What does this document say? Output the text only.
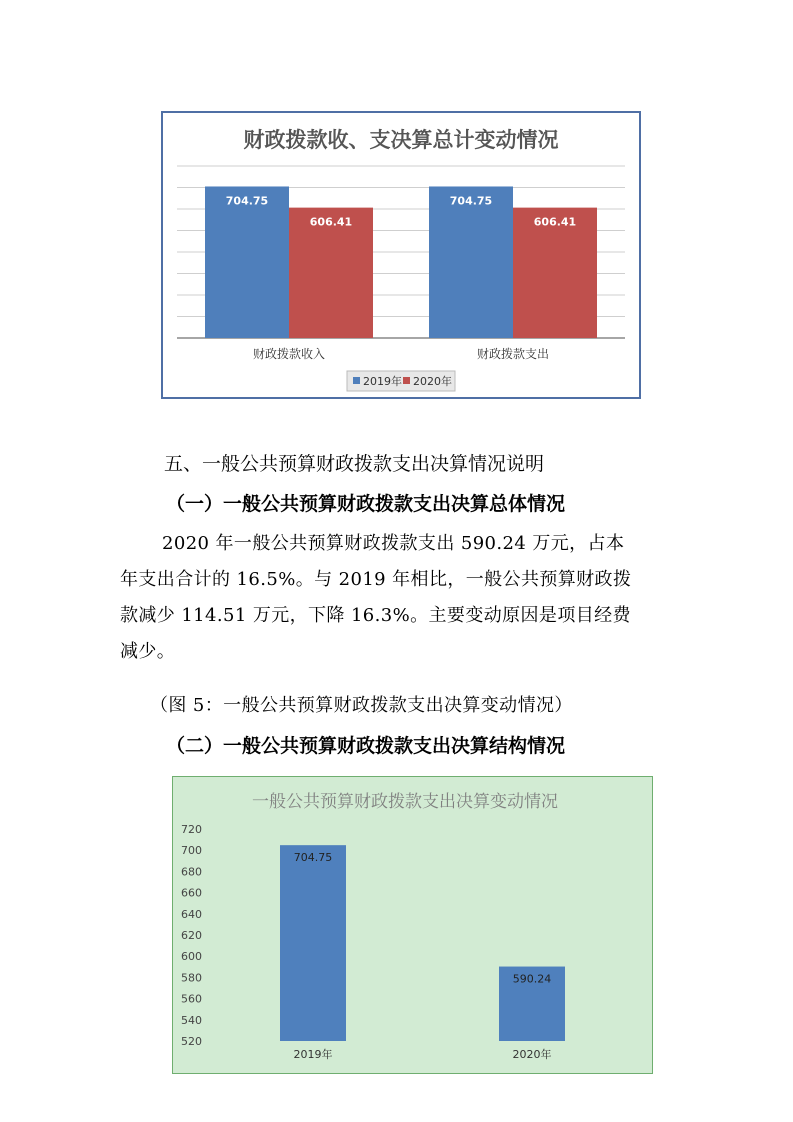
财政拨款收、支决算总计变动情况
704.75
606.41
704.75
606.41
财政拨款收入	财政拨款支出
2019年 2020年
五、一般公共预算财政拨款支出决算情况说明
（一）一般公共预算财政拨款支出决算总体情况
2020 年一般公共预算财政拨款支出 590.24 万元，占本
年支出合计的 16.5%。与 2019 年相比，一般公共预算财政拨
款减少 114.51 万元，下降 16.3%。主要变动原因是项目经费
减少。
（图 5：一般公共预算财政拨款支出决算变动情况）
（二）一般公共预算财政拨款支出决算结构情况
一般公共预算财政拨款支出决算变动情况
720
700
680
660
640
620
600
580
560
540
520
704.75
590.24
2019年	2020年
